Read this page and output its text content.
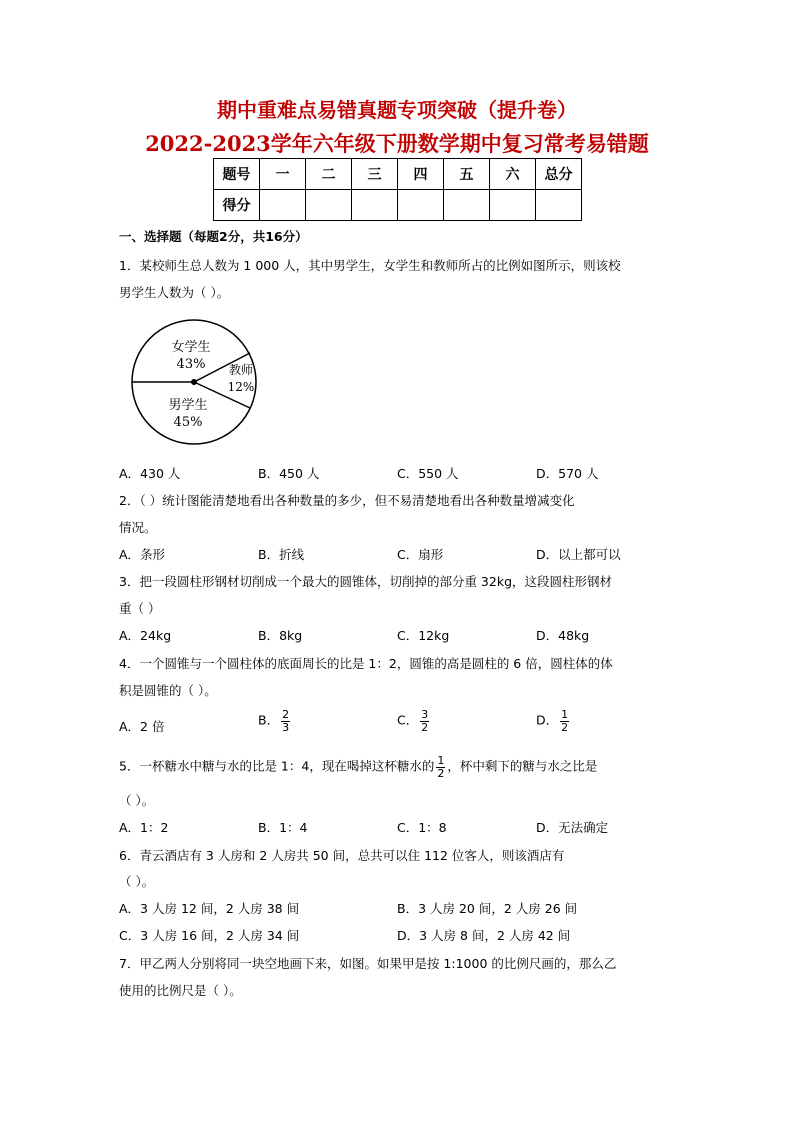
期中重难点易错真题专项突破（提升卷）
2022-2023学年六年级下册数学期中复习常考易错题
题号	一	二	三	四	五	六	总分
得分							
一、选择题（每题2分，共16分）
1．某校师生总人数为 1 000 人，其中男学生，女学生和教师所占的比例如图所示，则该校
男学生人数为（ ）。
女学生
43% 教师
12%
男学生
45%
A．430 人	B．450 人	C．550 人	D．570 人
2．（ ）统计图能清楚地看出各种数量的多少，但不易清楚地看出各种数量增减变化
情况。
A．条形	B．折线	C．扇形	D．以上都可以
3．把一段圆柱形钢材切削成一个最大的圆锥体，切削掉的部分重 32kg，这段圆柱形钢材
重（ ）
A．24kg	B．8kg	C．12kg	D．48kg
4．一个圆锥与一个圆柱体的底面周长的比是 1：2，圆锥的高是圆柱的 6 倍，圆柱体的体
积是圆锥的（ ）。
A．2 倍	B． $\frac{2}{3}$	C． $\frac{3}{2}$	D． $\frac{1}{2}$
5．一杯糖水中糖与水的比是 1：4，现在喝掉这杯糖水的 $\frac{1}{2}$ ，杯中剩下的糖与水之比是
（ ）。
A．1：2	B．1：4	C．1：8	D．无法确定
6．青云酒店有 3 人房和 2 人房共 50 间，总共可以住 112 位客人，则该酒店有
（ ）。
A．3 人房 12 间，2 人房 38 间	B．3 人房 20 间，2 人房 26 间
C．3 人房 16 间，2 人房 34 间	D．3 人房 8 间，2 人房 42 间
7．甲乙两人分别将同一块空地画下来，如图。如果甲是按 1:1000 的比例尺画的，那么乙
使用的比例尺是（ ）。
